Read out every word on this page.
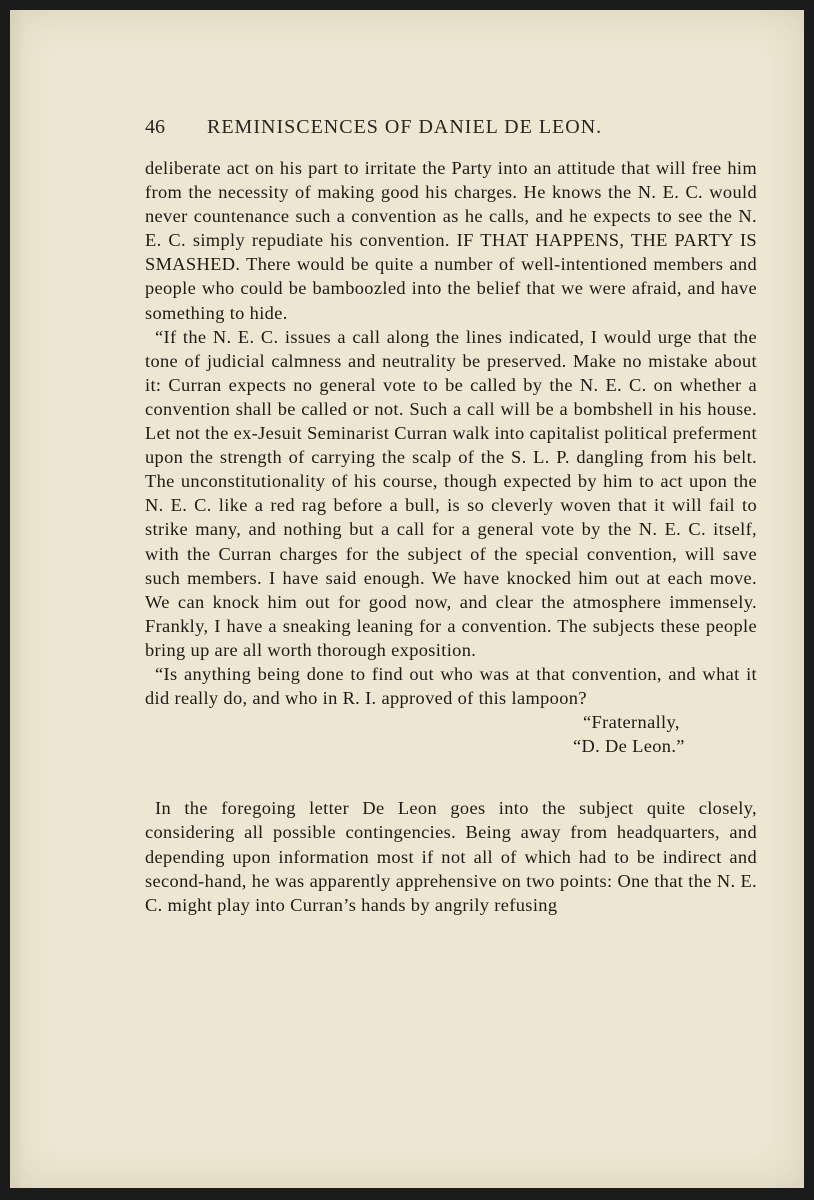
46	REMINISCENCES OF DANIEL DE LEON.

deliberate act on his part to irritate the Party into an attitude that will free him from the necessity of making good his charges. He knows the N. E. C. would never countenance such a convention as he calls, and he expects to see the N. E. C. simply repudiate his convention. IF THAT HAPPENS, THE PARTY IS SMASHED. There would be quite a number of well-intentioned members and people who could be bamboozled into the belief that we were afraid, and have something to hide.

“If the N. E. C. issues a call along the lines indicated, I would urge that the tone of judicial calmness and neutrality be preserved. Make no mistake about it: Curran expects no general vote to be called by the N. E. C. on whether a convention shall be called or not. Such a call will be a bombshell in his house. Let not the ex-Jesuit Seminarist Curran walk into capitalist political preferment upon the strength of carrying the scalp of the S. L. P. dangling from his belt. The unconstitutionality of his course, though expected by him to act upon the N. E. C. like a red rag before a bull, is so cleverly woven that it will fail to strike many, and nothing but a call for a general vote by the N. E. C. itself, with the Curran charges for the subject of the special convention, will save such members. I have said enough. We have knocked him out at each move. We can knock him out for good now, and clear the atmosphere immensely. Frankly, I have a sneaking leaning for a convention. The subjects these people bring up are all worth thorough exposition.

“Is anything being done to find out who was at that convention, and what it did really do, and who in R. I. approved of this lampoon?

“Fraternally,
“D. De Leon.”

In the foregoing letter De Leon goes into the subject quite closely, considering all possible contingencies. Being away from headquarters, and depending upon information most if not all of which had to be indirect and second-hand, he was apparently apprehensive on two points: One that the N. E. C. might play into Curran’s hands by angrily refusing
